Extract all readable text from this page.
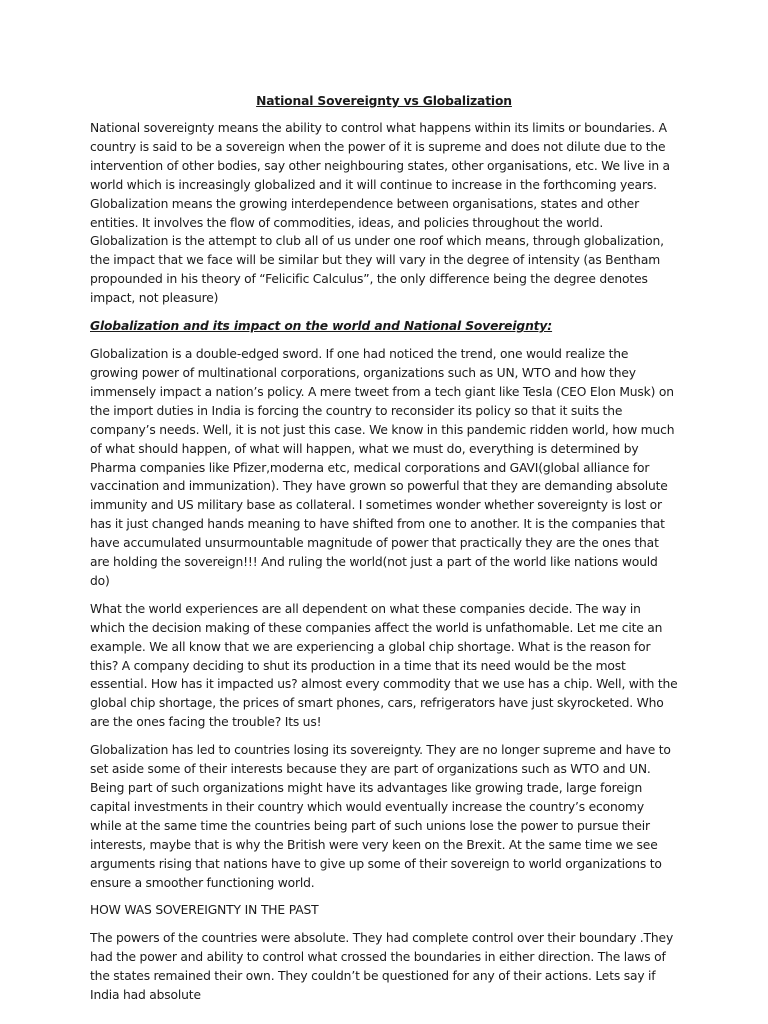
National Sovereignty vs Globalization

National sovereignty means the ability to control what happens within its limits or boundaries. A country is said to be a sovereign when the power of it is supreme and does not dilute due to the intervention of other bodies, say other neighbouring states, other organisations, etc. We live in a world which is increasingly globalized and it will continue to increase in the forthcoming years. Globalization means the growing interdependence between organisations, states and other entities. It involves the flow of commodities, ideas, and policies throughout the world. Globalization is the attempt to club all of us under one roof which means, through globalization, the impact that we face will be similar but they will vary in the degree of intensity (as Bentham propounded in his theory of “Felicific Calculus”, the only difference being the degree denotes impact, not pleasure)

Globalization and its impact on the world and National Sovereignty:

Globalization is a double-edged sword. If one had noticed the trend, one would realize the growing power of multinational corporations, organizations such as UN, WTO and how they immensely impact a nation’s policy. A mere tweet from a tech giant like Tesla (CEO Elon Musk) on the import duties in India is forcing the country to reconsider its policy so that it suits the company’s needs. Well, it is not just this case. We know in this pandemic ridden world, how much of what should happen, of what will happen, what we must do, everything is determined by Pharma companies like Pfizer,moderna etc, medical corporations and GAVI(global alliance for vaccination and immunization). They have grown so powerful that they are demanding absolute immunity and US military base as collateral. I sometimes wonder whether sovereignty is lost or has it just changed hands meaning to have shifted from one to another. It is the companies that have accumulated unsurmountable magnitude of power that practically they are the ones that are holding the sovereign!!! And ruling the world(not just a part of the world like nations would do)

What the world experiences are all dependent on what these companies decide. The way in which the decision making of these companies affect the world is unfathomable. Let me cite an example. We all know that we are experiencing a global chip shortage. What is the reason for this? A company deciding to shut its production in a time that its need would be the most essential. How has it impacted us? almost every commodity that we use has a chip. Well, with the global chip shortage, the prices of smart phones, cars, refrigerators have just skyrocketed. Who are the ones facing the trouble? Its us!

Globalization has led to countries losing its sovereignty. They are no longer supreme and have to set aside some of their interests because they are part of organizations such as WTO and UN. Being part of such organizations might have its advantages like growing trade, large foreign capital investments in their country which would eventually increase the country’s economy while at the same time the countries being part of such unions lose the power to pursue their interests, maybe that is why the British were very keen on the Brexit. At the same time we see arguments rising that nations have to give up some of their sovereign to world organizations to ensure a smoother functioning world.

HOW WAS SOVEREIGNTY IN THE PAST

The powers of the countries were absolute. They had complete control over their boundary .They had the power and ability to control what crossed the boundaries in either direction. The laws of the states remained their own. They couldn’t be questioned for any of their actions. Lets say if India had absolute
